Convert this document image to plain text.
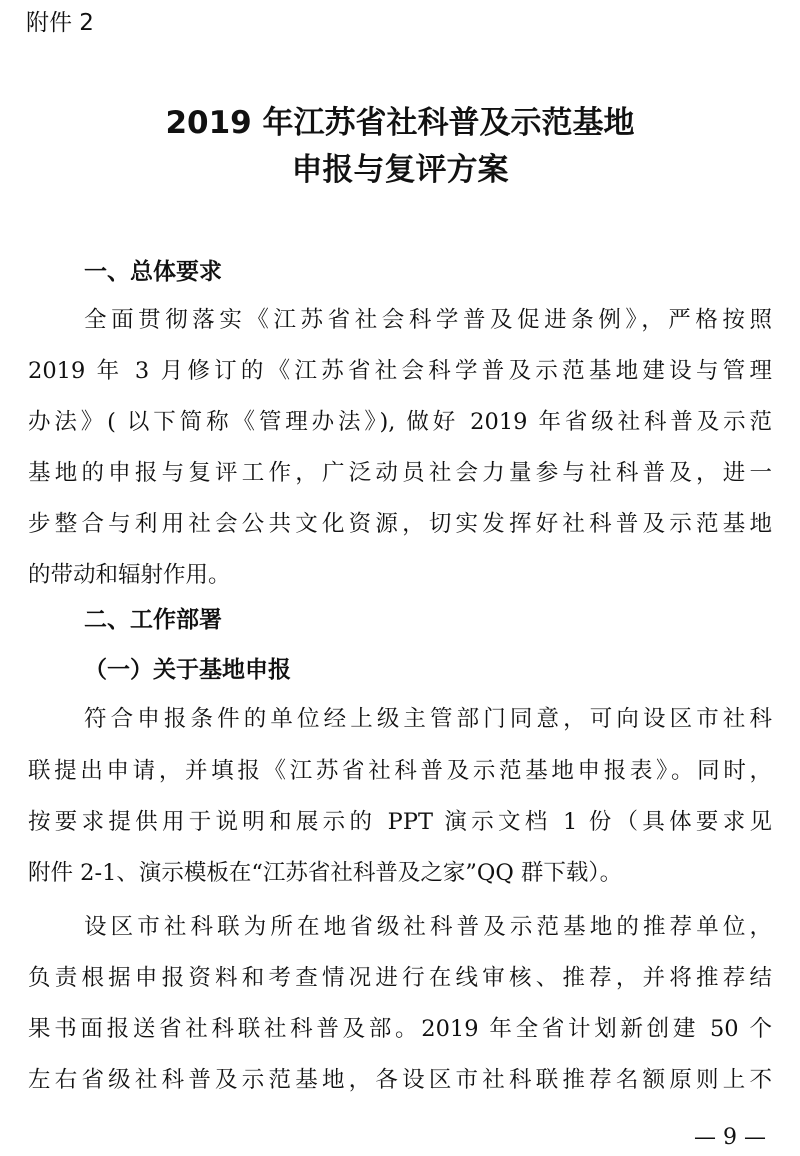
附件 2
2019 年江苏省社科普及示范基地
申报与复评方案
一、总体要求
全面贯彻落实《江苏省社会科学普及促进条例》，严格按照
2019 年 3 月修订的《江苏省社会科学普及示范基地建设与管理
办法》( 以下简称《管理办法》), 做好 2019 年省级社科普及示范
基地的申报与复评工作，广泛动员社会力量参与社科普及，进一
步整合与利用社会公共文化资源，切实发挥好社科普及示范基地
的带动和辐射作用。
二、工作部署
（一）关于基地申报
符合申报条件的单位经上级主管部门同意，可向设区市社科
联提出申请，并填报《江苏省社科普及示范基地申报表》。同时，
按要求提供用于说明和展示的 PPT 演示文档 1 份（具体要求见
附件 2-1、演示模板在“江苏省社科普及之家”QQ 群下载）。
设区市社科联为所在地省级社科普及示范基地的推荐单位，
负责根据申报资料和考查情况进行在线审核、推荐，并将推荐结
果书面报送省社科联社科普及部。2019 年全省计划新创建 50 个
左右省级社科普及示范基地，各设区市社科联推荐名额原则上不
— 9 —
